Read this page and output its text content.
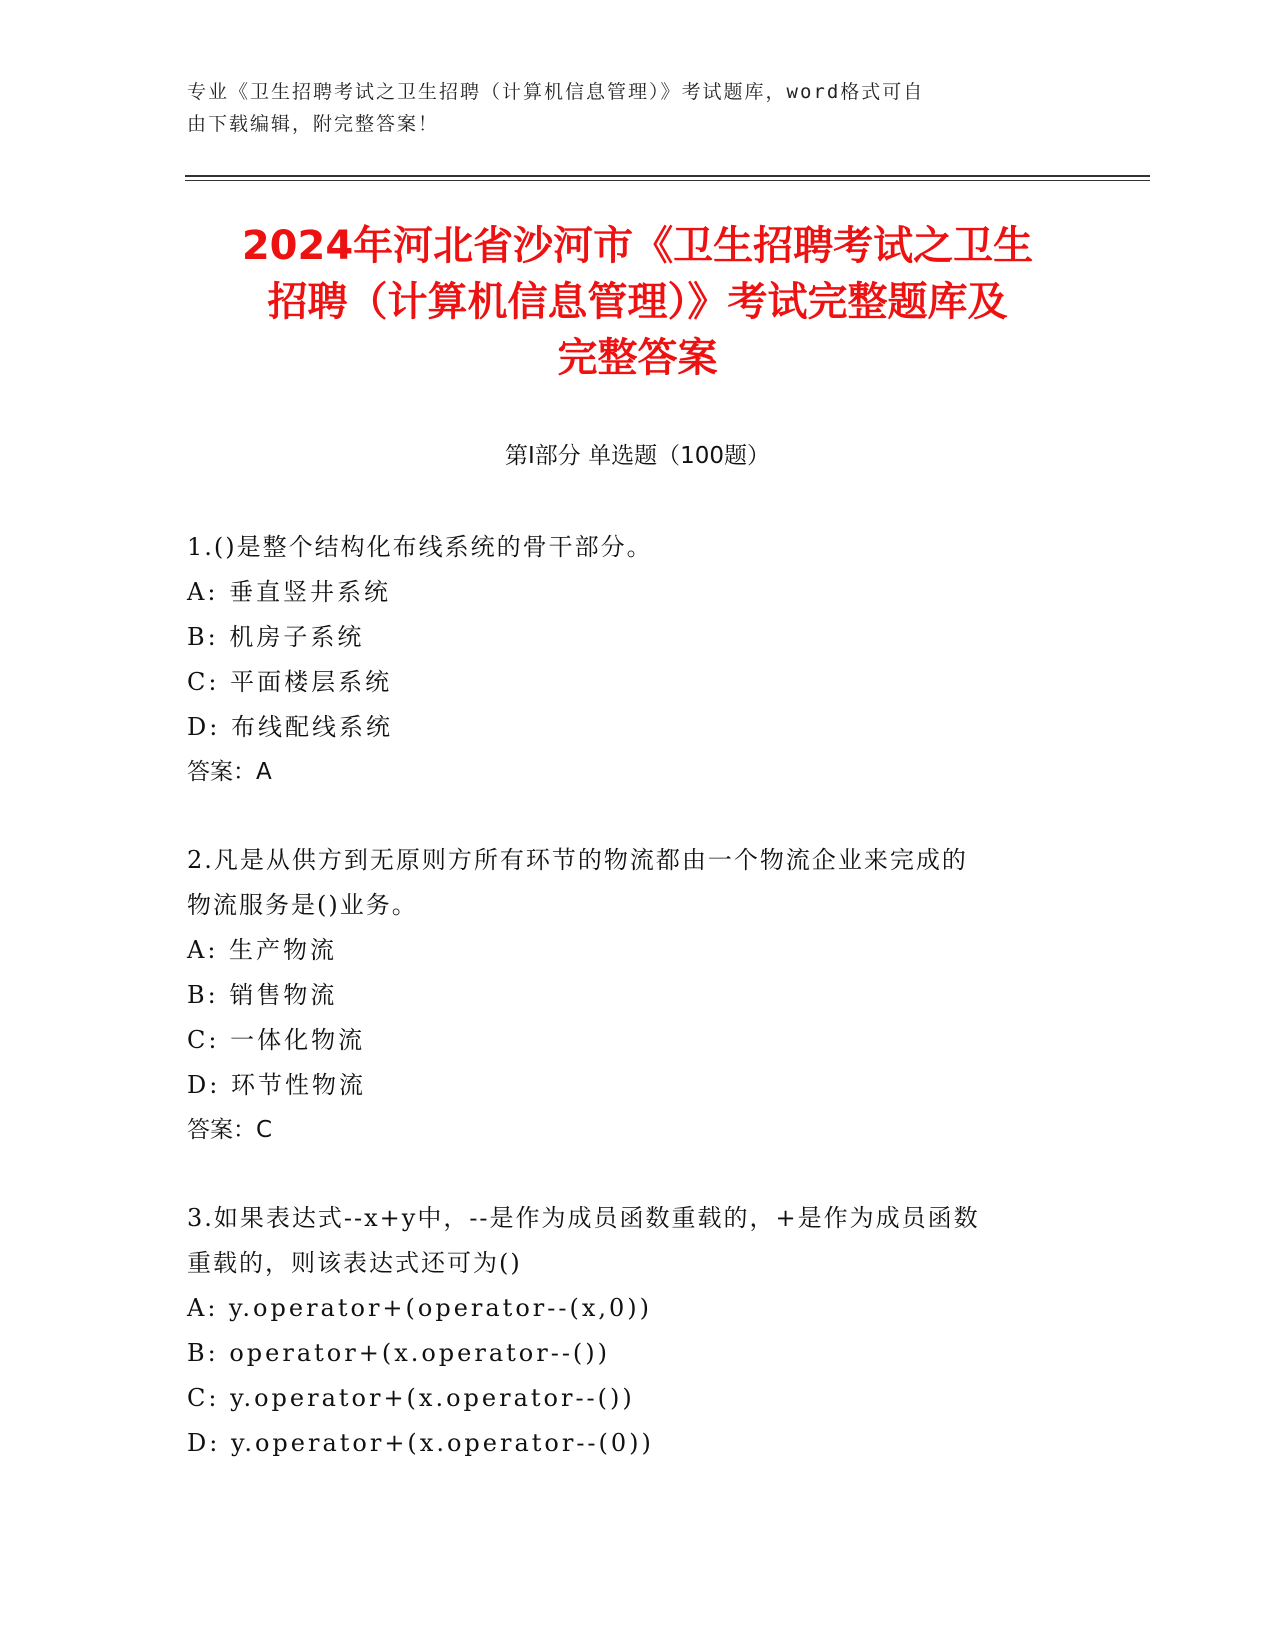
专业《卫生招聘考试之卫生招聘（计算机信息管理）》考试题库，word格式可自
由下载编辑，附完整答案！
2024年河北省沙河市《卫生招聘考试之卫生
招聘（计算机信息管理）》考试完整题库及
完整答案
第I部分 单选题（100题）
1.()是整个结构化布线系统的骨干部分。
A: 垂直竖井系统
B: 机房子系统
C: 平面楼层系统
D: 布线配线系统
答案：A
2.凡是从供方到无原则方所有环节的物流都由一个物流企业来完成的
物流服务是()业务。
A: 生产物流
B: 销售物流
C: 一体化物流
D: 环节性物流
答案：C
3.如果表达式--x+y中，--是作为成员函数重载的，+是作为成员函数
重载的，则该表达式还可为()
A: y.operator+(operator--(x,0))
B: operator+(x.operator--())
C: y.operator+(x.operator--())
D: y.operator+(x.operator--(0))
